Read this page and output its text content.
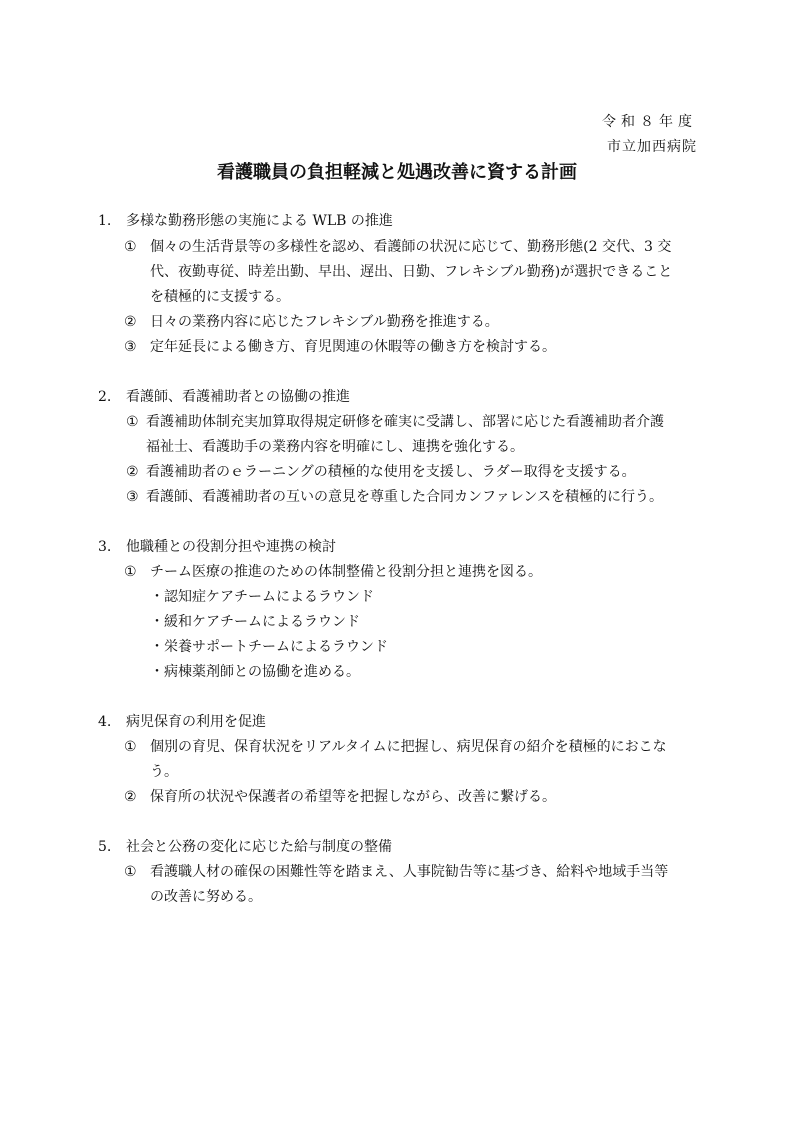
令和８年度
市立加西病院
看護職員の負担軽減と処遇改善に資する計画
1. 多様な勤務形態の実施による WLB の推進
① 個々の生活背景等の多様性を認め、看護師の状況に応じて、勤務形態(2 交代、3 交
代、夜勤専従、時差出勤、早出、遅出、日勤、フレキシブル勤務)が選択できること
を積極的に支援する。
② 日々の業務内容に応じたフレキシブル勤務を推進する。
③ 定年延長による働き方、育児関連の休暇等の働き方を検討する。
2. 看護師、看護補助者との協働の推進
① 看護補助体制充実加算取得規定研修を確実に受講し、部署に応じた看護補助者介護
福祉士、看護助手の業務内容を明確にし、連携を強化する。
② 看護補助者のｅラーニングの積極的な使用を支援し、ラダー取得を支援する。
③ 看護師、看護補助者の互いの意見を尊重した合同カンファレンスを積極的に行う。
3. 他職種との役割分担や連携の検討
① チーム医療の推進のための体制整備と役割分担と連携を図る。
・認知症ケアチームによるラウンド
・緩和ケアチームによるラウンド
・栄養サポートチームによるラウンド
・病棟薬剤師との協働を進める。
4. 病児保育の利用を促進
① 個別の育児、保育状況をリアルタイムに把握し、病児保育の紹介を積極的におこな
う。
② 保育所の状況や保護者の希望等を把握しながら、改善に繋げる。
5. 社会と公務の変化に応じた給与制度の整備
① 看護職人材の確保の困難性等を踏まえ、人事院勧告等に基づき、給料や地域手当等
の改善に努める。
